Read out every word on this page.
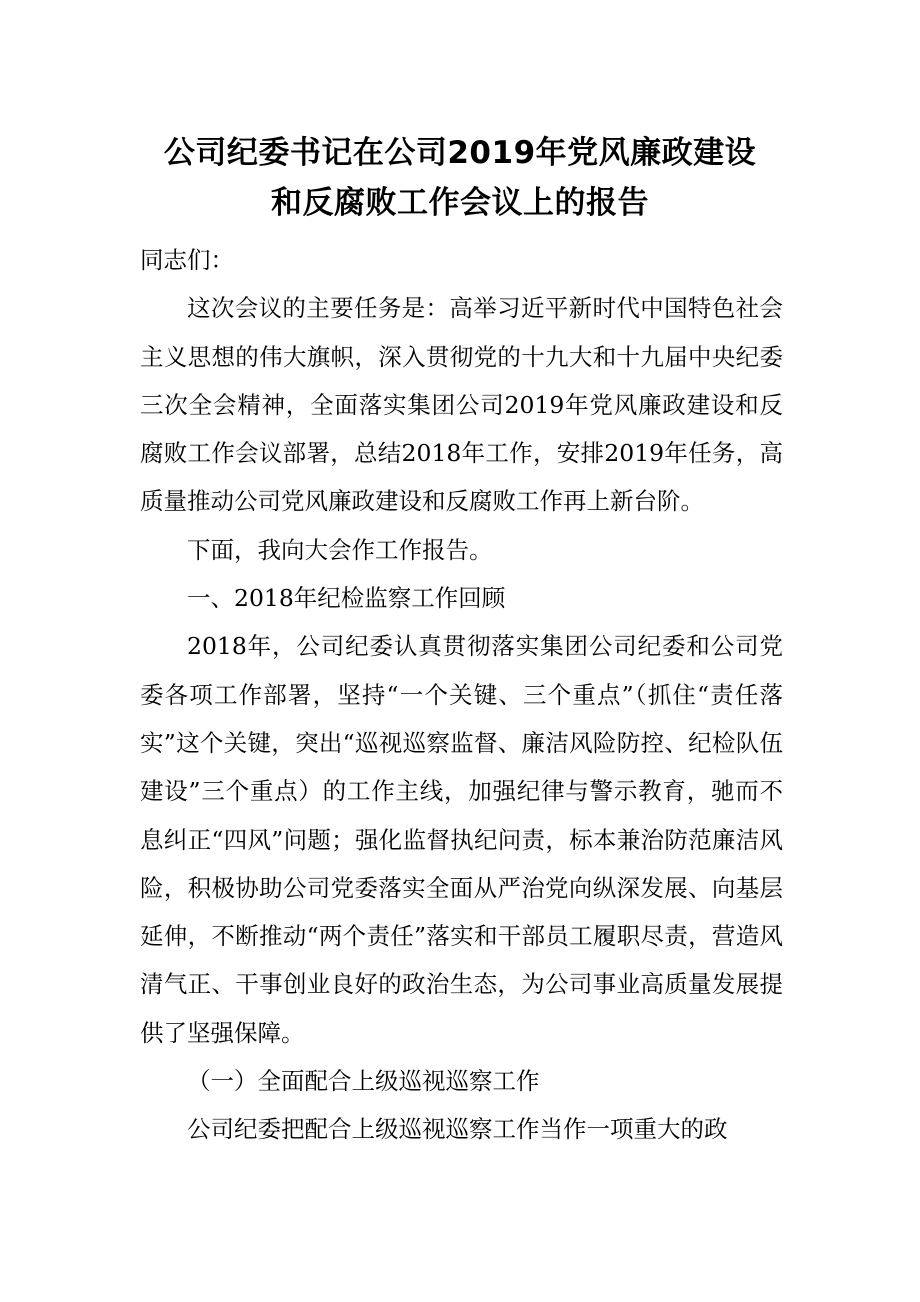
公司纪委书记在公司2019年党风廉政建设
和反腐败工作会议上的报告

同志们：

这次会议的主要任务是：高举习近平新时代中国特色社会主义思想的伟大旗帜，深入贯彻党的十九大和十九届中央纪委三次全会精神，全面落实集团公司2019年党风廉政建设和反腐败工作会议部署，总结2018年工作，安排2019年任务，高质量推动公司党风廉政建设和反腐败工作再上新台阶。

下面，我向大会作工作报告。

一、2018年纪检监察工作回顾

2018年，公司纪委认真贯彻落实集团公司纪委和公司党委各项工作部署，坚持“一个关键、三个重点”（抓住“责任落实”这个关键，突出“巡视巡察监督、廉洁风险防控、纪检队伍建设”三个重点）的工作主线，加强纪律与警示教育，驰而不息纠正“四风”问题；强化监督执纪问责，标本兼治防范廉洁风险，积极协助公司党委落实全面从严治党向纵深发展、向基层延伸，不断推动“两个责任”落实和干部员工履职尽责，营造风清气正、干事创业良好的政治生态，为公司事业高质量发展提供了坚强保障。

（一）全面配合上级巡视巡察工作

公司纪委把配合上级巡视巡察工作当作一项重大的政
